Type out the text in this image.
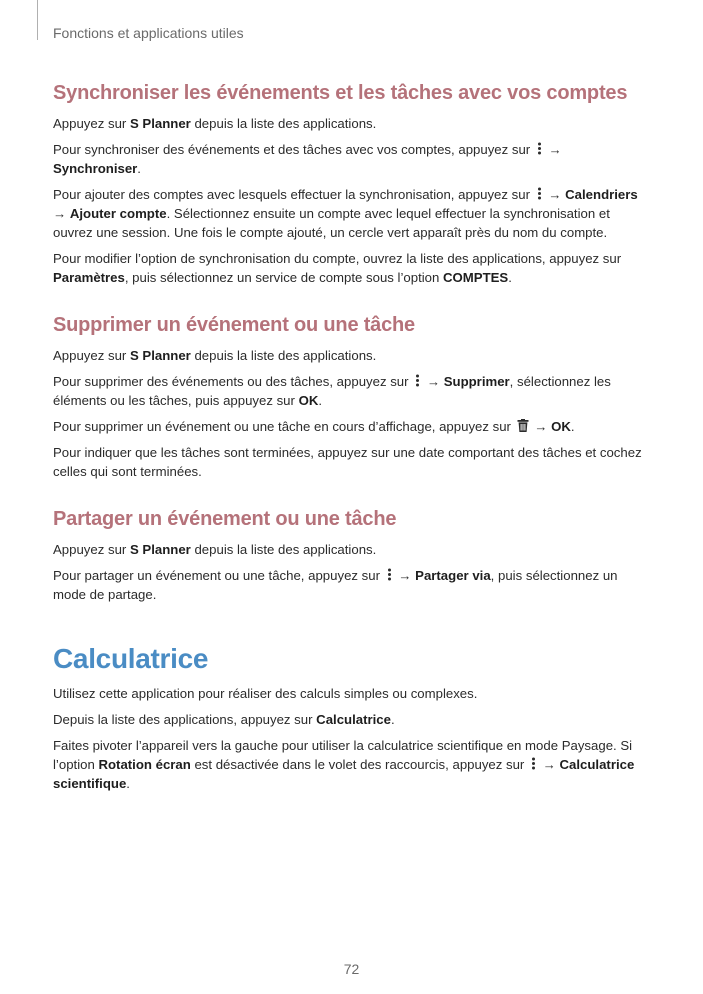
Fonctions et applications utiles
Synchroniser les événements et les tâches avec vos comptes

Appuyez sur S Planner depuis la liste des applications.

Pour synchroniser des événements et des tâches avec vos comptes, appuyez sur  → Synchroniser.

Pour ajouter des comptes avec lesquels effectuer la synchronisation, appuyez sur  → Calendriers → Ajouter compte. Sélectionnez ensuite un compte avec lequel effectuer la synchronisation et ouvrez une session. Une fois le compte ajouté, un cercle vert apparaît près du nom du compte.

Pour modifier l’option de synchronisation du compte, ouvrez la liste des applications, appuyez sur Paramètres, puis sélectionnez un service de compte sous l’option COMPTES.

Supprimer un événement ou une tâche

Appuyez sur S Planner depuis la liste des applications.

Pour supprimer des événements ou des tâches, appuyez sur  → Supprimer, sélectionnez les éléments ou les tâches, puis appuyez sur OK.

Pour supprimer un événement ou une tâche en cours d’affichage, appuyez sur  → OK.

Pour indiquer que les tâches sont terminées, appuyez sur une date comportant des tâches et cochez celles qui sont terminées.

Partager un événement ou une tâche

Appuyez sur S Planner depuis la liste des applications.

Pour partager un événement ou une tâche, appuyez sur  → Partager via, puis sélectionnez un mode de partage.

Calculatrice

Utilisez cette application pour réaliser des calculs simples ou complexes.

Depuis la liste des applications, appuyez sur Calculatrice.

Faites pivoter l’appareil vers la gauche pour utiliser la calculatrice scientifique en mode Paysage. Si l’option Rotation écran est désactivée dans le volet des raccourcis, appuyez sur  → Calculatrice scientifique.

72
